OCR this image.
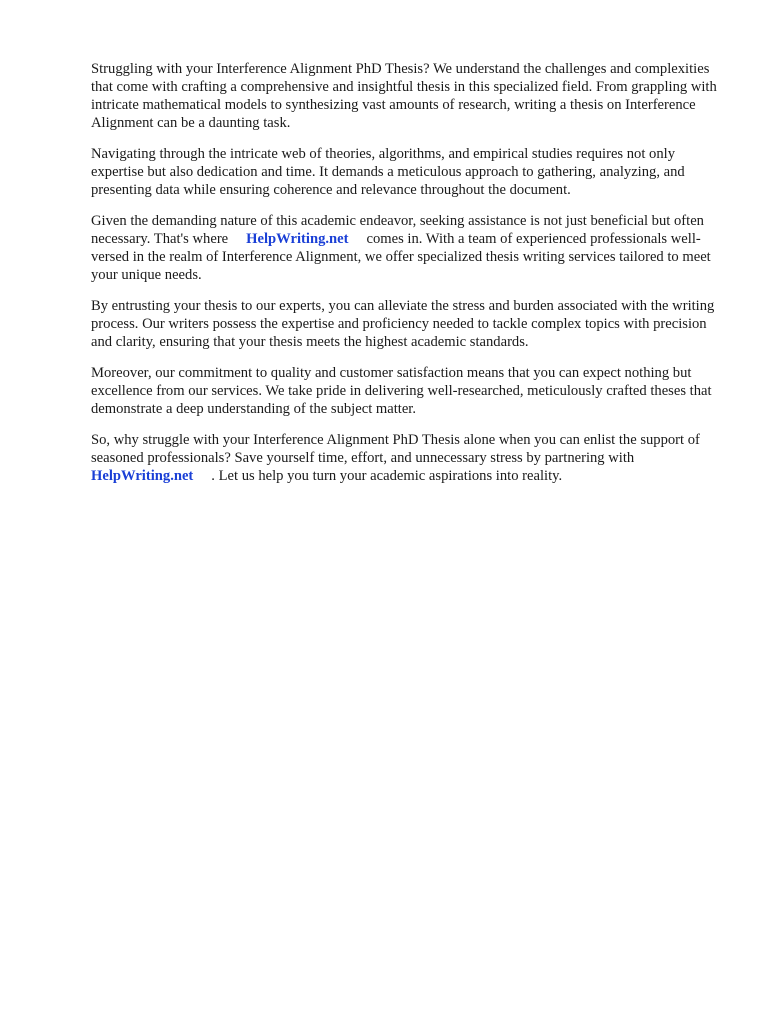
Struggling with your Interference Alignment PhD Thesis? We understand the challenges and complexities that come with crafting a comprehensive and insightful thesis in this specialized field. From grappling with intricate mathematical models to synthesizing vast amounts of research, writing a thesis on Interference Alignment can be a daunting task.

Navigating through the intricate web of theories, algorithms, and empirical studies requires not only expertise but also dedication and time. It demands a meticulous approach to gathering, analyzing, and presenting data while ensuring coherence and relevance throughout the document.

Given the demanding nature of this academic endeavor, seeking assistance is not just beneficial but often necessary. That's where HelpWriting.net comes in. With a team of experienced professionals well-versed in the realm of Interference Alignment, we offer specialized thesis writing services tailored to meet your unique needs.

By entrusting your thesis to our experts, you can alleviate the stress and burden associated with the writing process. Our writers possess the expertise and proficiency needed to tackle complex topics with precision and clarity, ensuring that your thesis meets the highest academic standards.

Moreover, our commitment to quality and customer satisfaction means that you can expect nothing but excellence from our services. We take pride in delivering well-researched, meticulously crafted theses that demonstrate a deep understanding of the subject matter.

So, why struggle with your Interference Alignment PhD Thesis alone when you can enlist the support of seasoned professionals? Save yourself time, effort, and unnecessary stress by partnering with HelpWriting.net . Let us help you turn your academic aspirations into reality.
